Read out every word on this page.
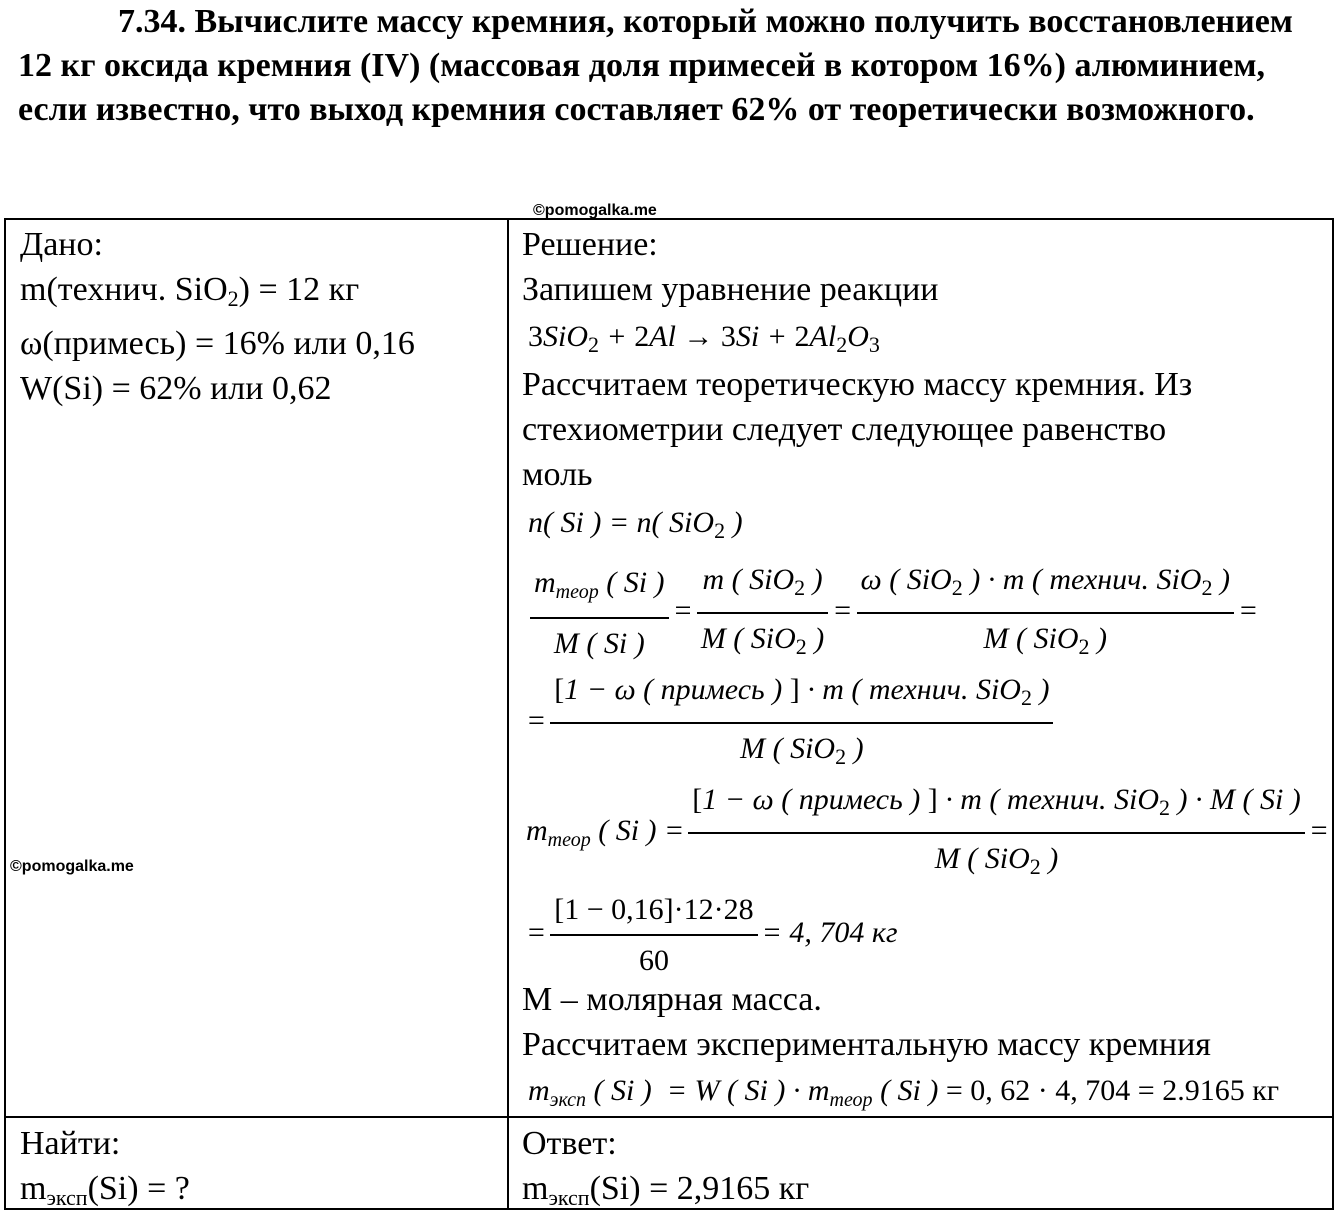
7.34. Вычислите массу кремния, который можно получить восстановлением 12 кг оксида кремния (IV) (массовая доля примесей в котором 16%) алюминием, если известно, что выход кремния составляет 62% от теоретически возможного.
©pomogalka.me
©pomogalka.me
Дано:
m(технич. SiO$_2$) = 12 кг
ω(примесь) = 16% или 0,16
W(Si) = 62% или 0,62
Найти:
$m_{эксп}(Si)$ = ?
Решение:
Запишем уравнение реакции
$3SiO_2 + 2Al \to 3Si + 2Al_2O_3$
Рассчитаем теоретическую массу кремния. Из
стехиометрии следует следующее равенство
моль
n( Si ) = n( SiO$_2$ )
$\frac{m_{теор} ( Si )}{M ( Si )} = \frac{m ( SiO_2 )}{M ( SiO_2 )} = \frac{\omega ( SiO_2 ) \cdot m ( технич. SiO_2 )}{M ( SiO_2 )}$ =
= $\frac{[1 - \omega ( примесь ) ] \cdot m ( технич. SiO_2 )}{M ( SiO_2 )}$
$m_{теор}$ ( Si ) = $\frac{[1 - \omega ( примесь ) ] \cdot m ( технич. SiO_2 ) \cdot M ( Si )}{M ( SiO_2 )}$ =
= $\frac{[1 - 0,16]\cdot 12\cdot 28}{60} = 4$, 704 кг
M – молярная масса.
Рассчитаем экспериментальную массу кремния
$m_{эксп}$ ( Si )  = W ( Si ) · $m_{теор}$ ( Si ) = 0, 62 · 4, 704 = 2.9165 кг
Ответ:
$m_{эксп}(Si) = 2,9165$ кг
